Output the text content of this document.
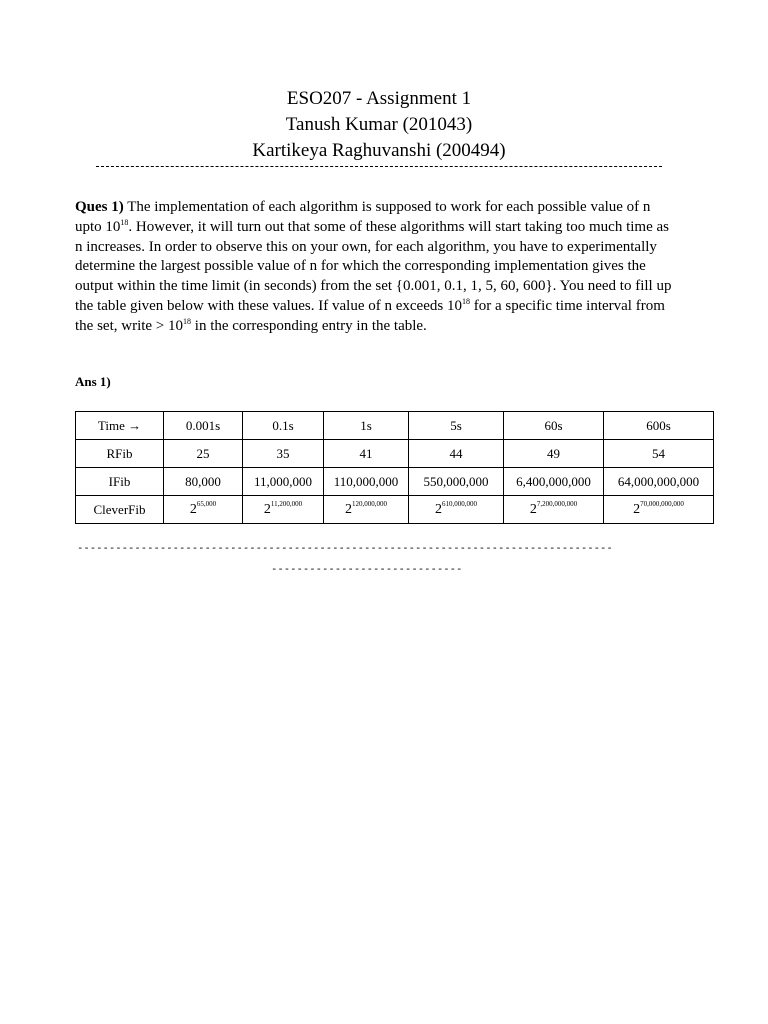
ESO207 - Assignment 1
Tanush Kumar (201043)
Kartikeya Raghuvanshi (200494)
Ques 1) The implementation of each algorithm is supposed to work for each possible value of n upto $10^{18}$. However, it will turn out that some of these algorithms will start taking too much time as n increases. In order to observe this on your own, for each algorithm, you have to experimentally determine the largest possible value of n for which the corresponding implementation gives the output within the time limit (in seconds) from the set {0.001, 0.1, 1, 5, 60, 600}. You need to fill up the table given below with these values. If value of n exceeds $10^{18}$ for a specific time interval from the set, write > $10^{18}$ in the corresponding entry in the table.
Ans 1)
Time →	0.001s	0.1s	1s	5s	60s	600s
RFib	25	35	41	44	49	54
IFib	80,000	11,000,000	110,000,000	550,000,000	6,400,000,000	64,000,000,000
CleverFib	2$^{65,000}$	2$^{11,200,000}$	2$^{120,000,000}$	2$^{610,000,000}$	2$^{7,200,000,000}$	2$^{70,000,000,000}$
------------------------------------------------------------------------------------
------------------------------
